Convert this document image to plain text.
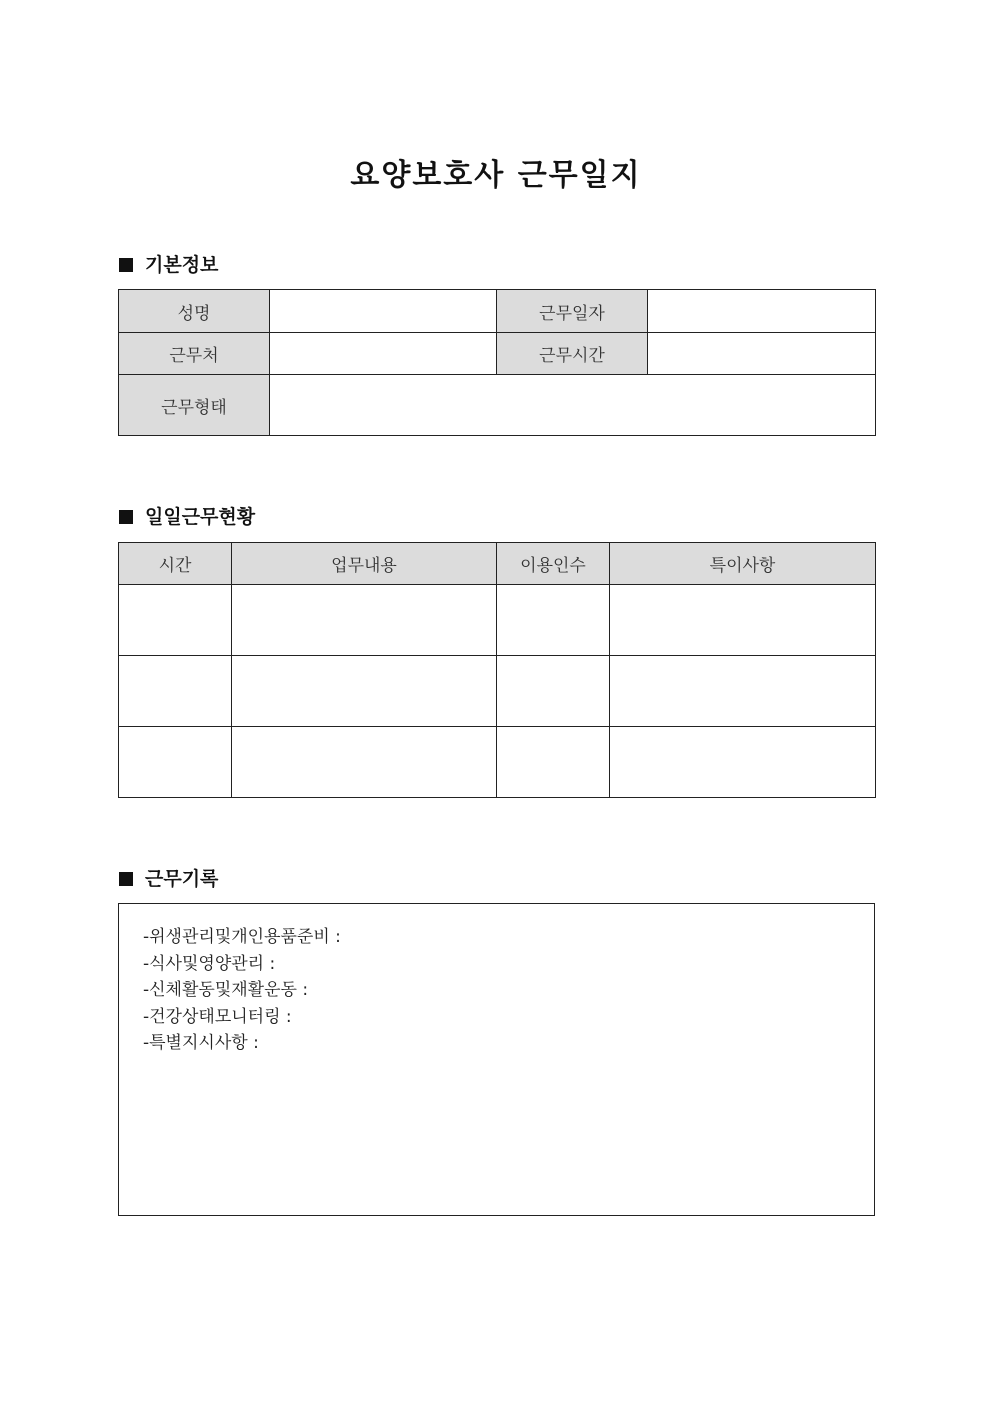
요양보호사 근무일지
기본정보
성명		근무일자	
근무처		근무시간	
근무형태			
일일근무현황
시간	업무내용	이용인수	특이사항

근무기록
-위생관리및개인용품준비 :
-식사및영양관리 :
-신체활동및재활운동 :
-건강상태모니터링 :
-특별지시사항 :
